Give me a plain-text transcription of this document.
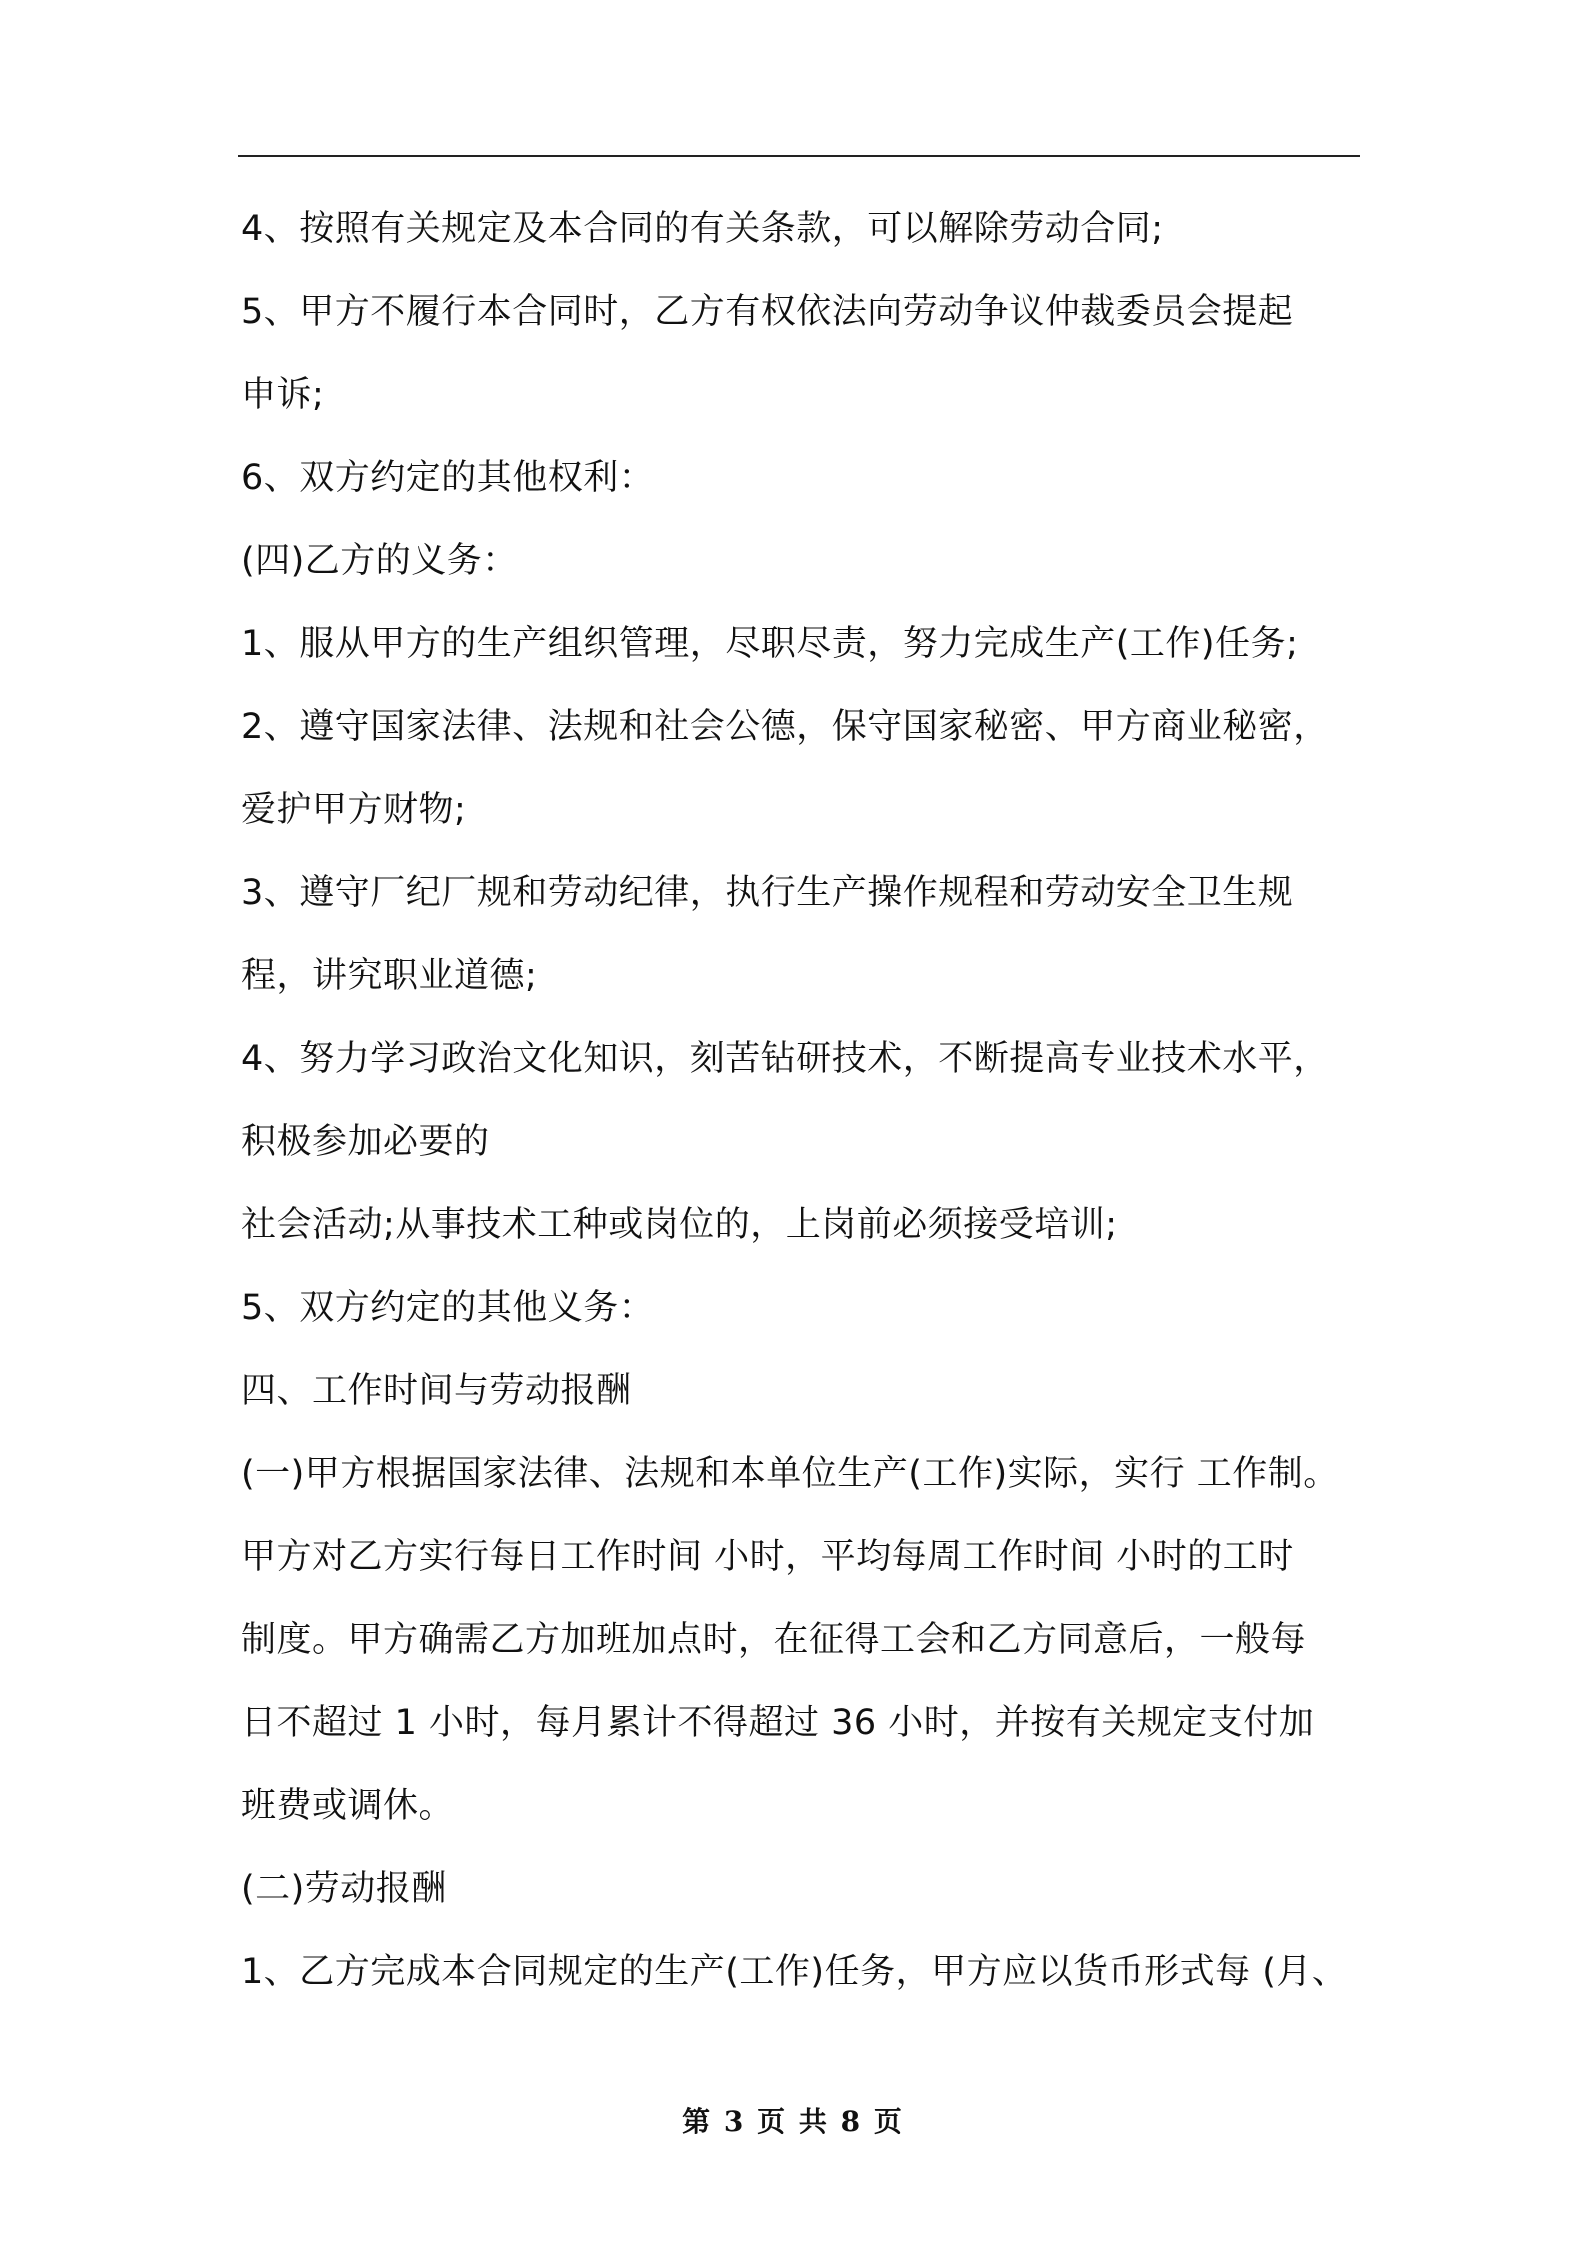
4、按照有关规定及本合同的有关条款，可以解除劳动合同;
5、甲方不履行本合同时，乙方有权依法向劳动争议仲裁委员会提起
申诉;
6、双方约定的其他权利：
(四)乙方的义务：
1、服从甲方的生产组织管理，尽职尽责，努力完成生产(工作)任务;
2、遵守国家法律、法规和社会公德，保守国家秘密、甲方商业秘密，
爱护甲方财物;
3、遵守厂纪厂规和劳动纪律，执行生产操作规程和劳动安全卫生规
程，讲究职业道德;
4、努力学习政治文化知识，刻苦钻研技术，不断提高专业技术水平，
积极参加必要的
社会活动;从事技术工种或岗位的，上岗前必须接受培训;
5、双方约定的其他义务：
四、工作时间与劳动报酬
(一)甲方根据国家法律、法规和本单位生产(工作)实际，实行 工作制。
甲方对乙方实行每日工作时间 小时，平均每周工作时间 小时的工时
制度。甲方确需乙方加班加点时，在征得工会和乙方同意后，一般每
日不超过 1 小时，每月累计不得超过 36 小时，并按有关规定支付加
班费或调休。
(二)劳动报酬
1、乙方完成本合同规定的生产(工作)任务，甲方应以货币形式每 (月、
第 3 页 共 8 页
